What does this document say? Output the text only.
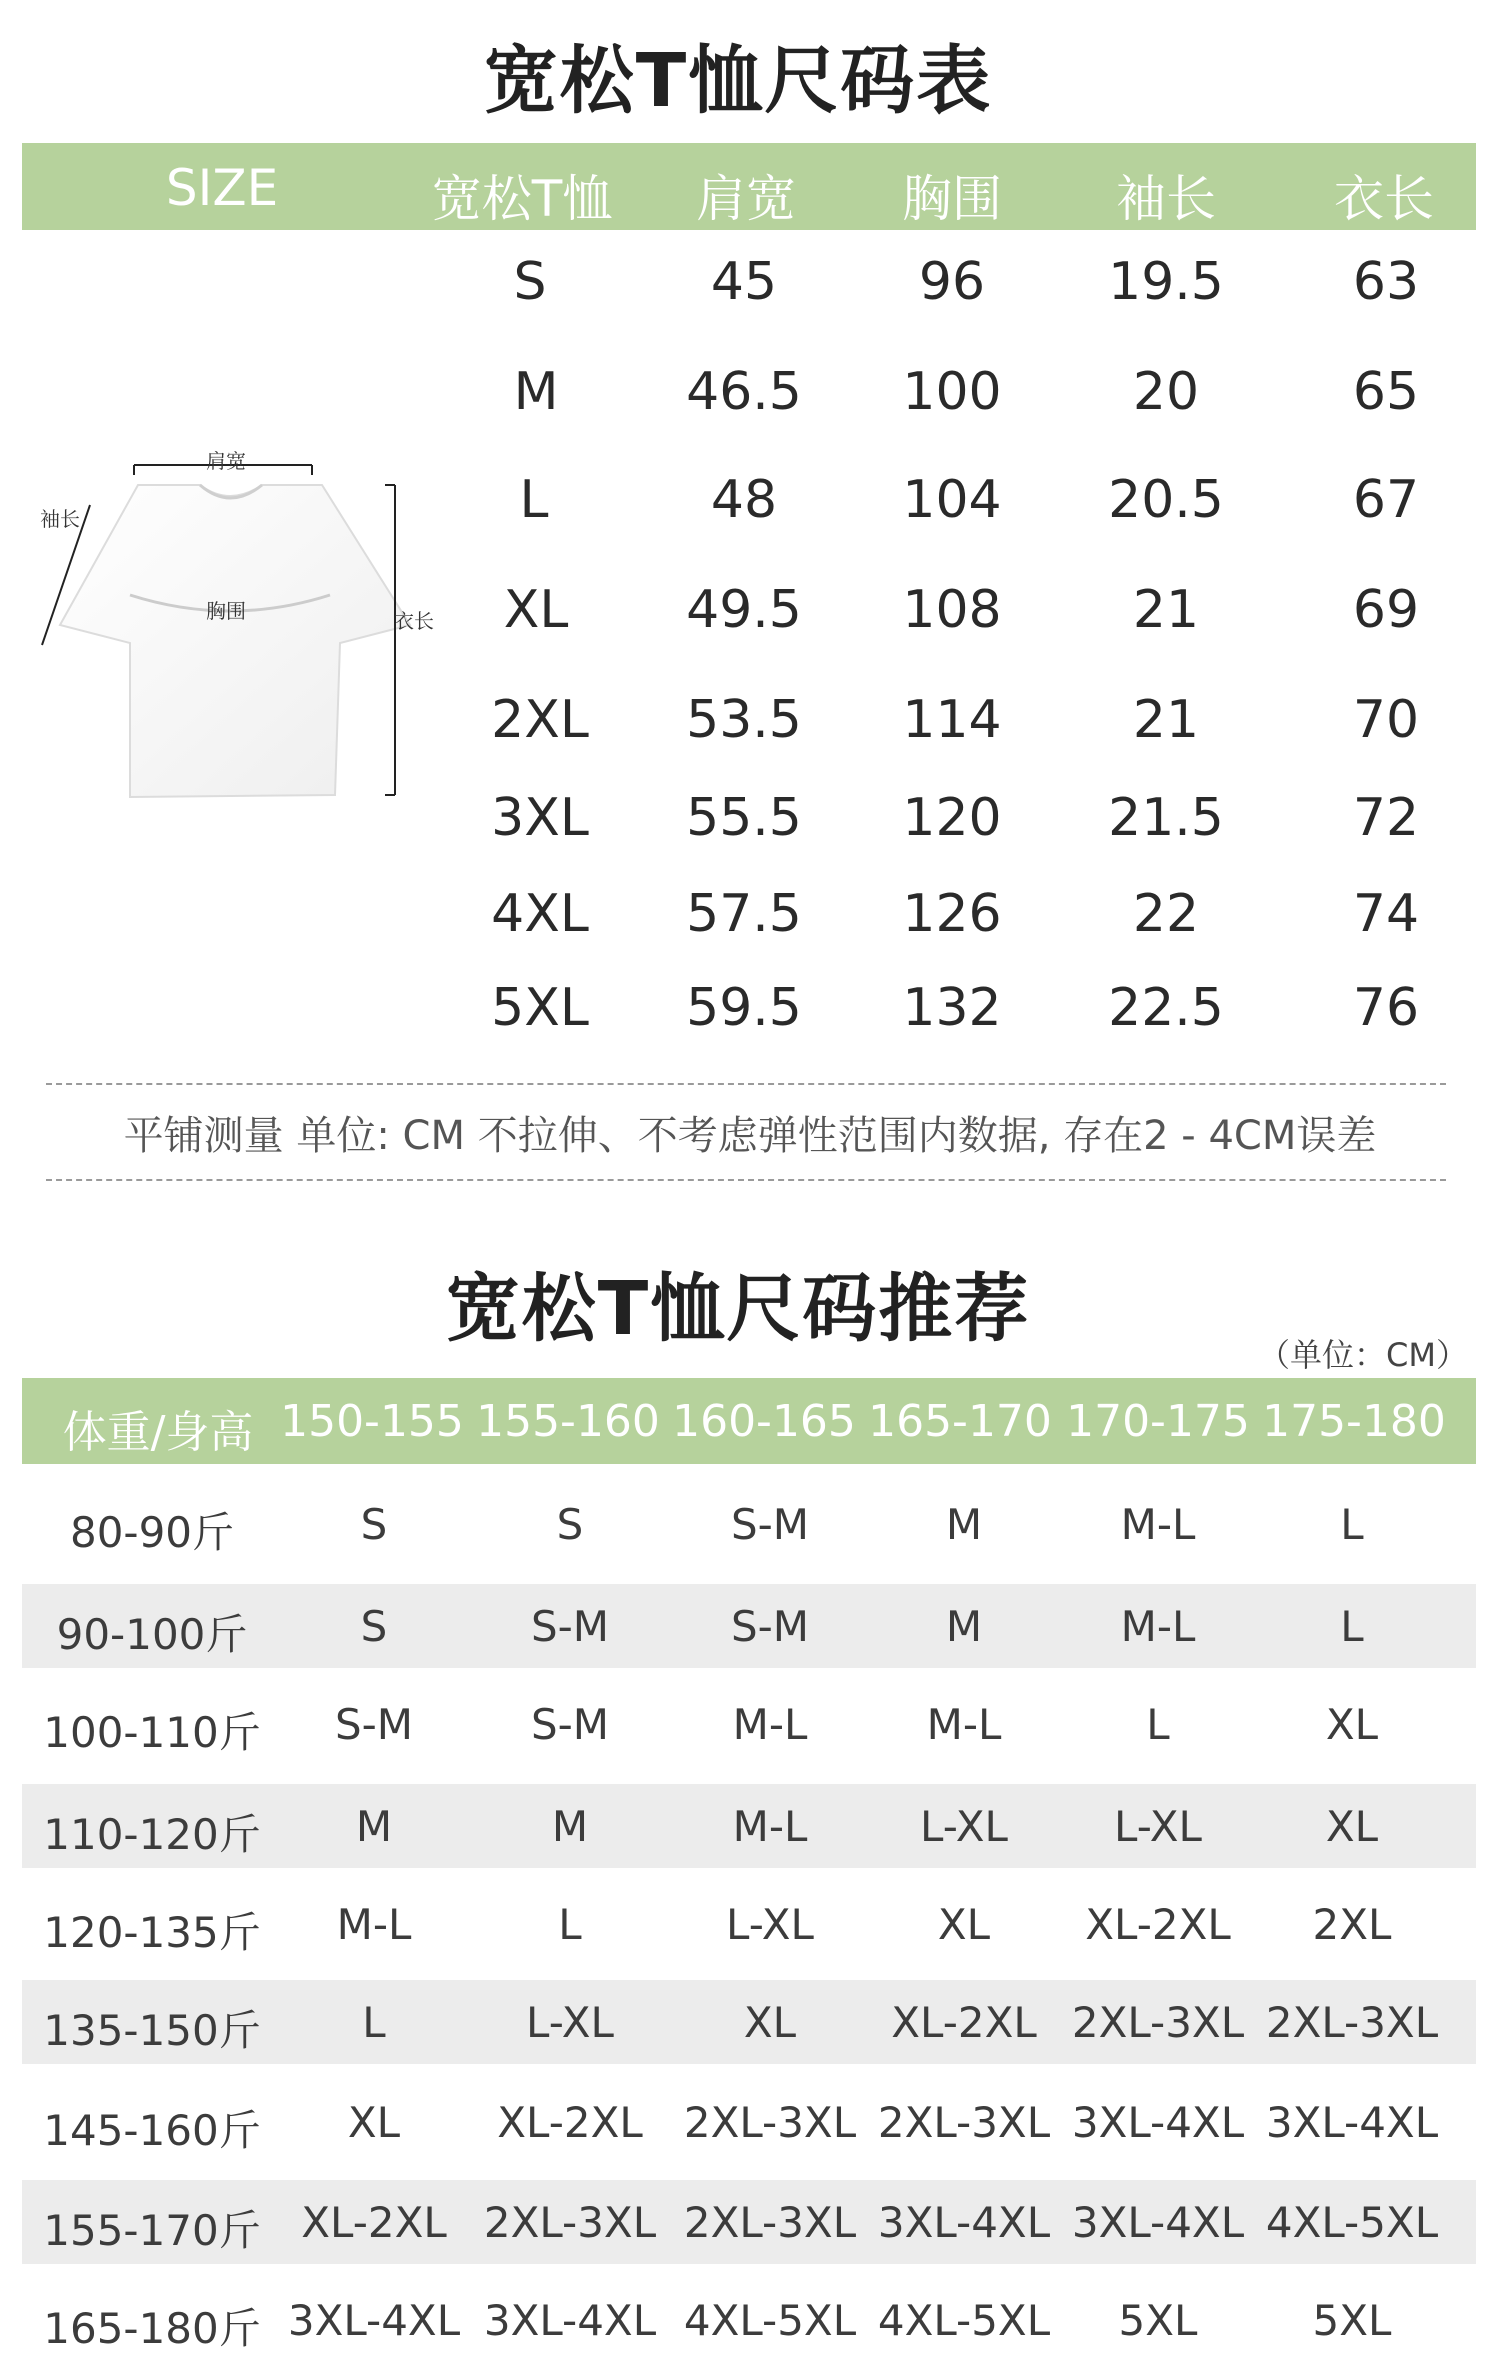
宽松T恤尺码表
SIZE	宽松T恤 肩宽 胸围 袖长 衣长
肩宽
袖长
胸围	衣长
S	45	96 19.5 63
M 46.5 100	20	65
L	48 104 20.5 67
XL 49.5 108	21	69
2XL 53.5 114	21	70
3XL 55.5 120 21.5 72
4XL 57.5 126	22	74
5XL 59.5 132 22.5 76
平铺测量 单位: CM 不拉伸、不考虑弹性范围内数据, 存在2 - 4CM误差
宽松T恤尺码推荐
（单位：CM）
体重/身高 150-155 155-160 160-165 165-170 170-175 175-180
80-90斤	S	S	S-M	M	M-L	L
90-100斤	S	S-M	S-M	M	M-L	L
100-110斤 S-M	S-M	M-L	M-L	L	XL
110-120斤 M	M	M-L	L-XL	L-XL	XL
120-135斤 M-L	L	L-XL	XL XL-2XL 2XL
135-150斤 L	L-XL	XL XL-2XL 2XL-3XL 2XL-3XL
145-160斤 XL XL-2XL 2XL-3XL 2XL-3XL 3XL-4XL 3XL-4XL
155-170斤 XL-2XL 2XL-3XL 2XL-3XL 3XL-4XL 3XL-4XL 4XL-5XL
165-180斤 3XL-4XL 3XL-4XL 4XL-5XL 4XL-5XL 5XL	5XL
